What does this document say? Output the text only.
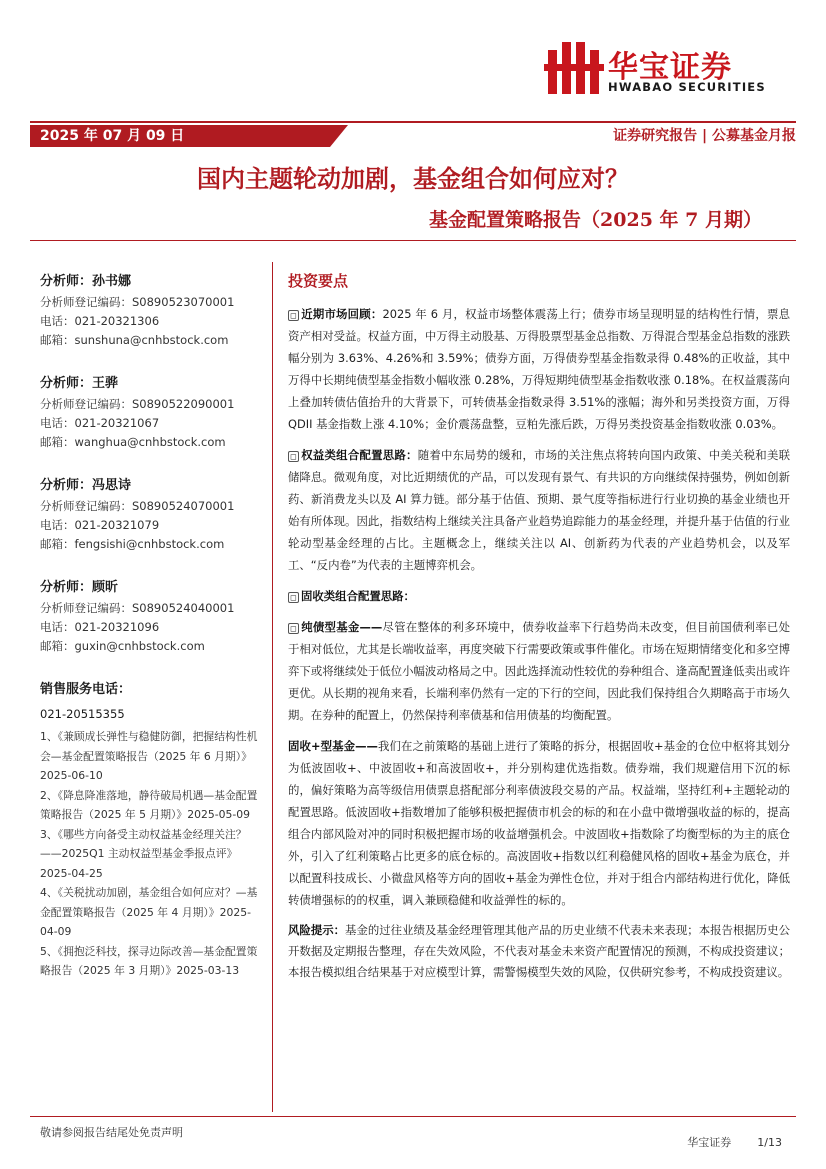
华宝证券
HWABAO SECURITIES
2025 年 07 月 09 日	证券研究报告 | 公募基金月报
国内主题轮动加剧，基金组合如何应对？
基金配置策略报告（2025 年 7 月期）
分析师：孙书娜
分析师登记编码：S0890523070001
电话：021-20321306
邮箱：sunshuna@cnhbstock.com
分析师：王骅
分析师登记编码：S0890522090001
电话：021-20321067
邮箱：wanghua@cnhbstock.com
分析师：冯思诗
分析师登记编码：S0890524070001
电话：021-20321079
邮箱：fengsishi@cnhbstock.com
分析师：顾昕
分析师登记编码：S0890524040001
电话：021-20321096
邮箱：guxin@cnhbstock.com
销售服务电话：
021-20515355
1、《兼顾成长弹性与稳健防御，把握结构性机会—基金配置策略报告（2025 年 6 月期）》2025-06-10
2、《降息降准落地，静待破局机遇—基金配置策略报告（2025 年 5 月期）》2025-05-09
3、《哪些方向备受主动权益基金经理关注？——2025Q1 主动权益型基金季报点评》2025-04-25
4、《关税扰动加剧，基金组合如何应对？—基金配置策略报告（2025 年 4 月期）》2025-04-09
5、《拥抱泛科技，探寻边际改善—基金配置策略报告（2025 年 3 月期）》2025-03-13
投资要点

◻ 近期市场回顾：2025 年 6 月，权益市场整体震荡上行；债券市场呈现明显的结构性行情，票息资产相对受益。权益方面，中万得主动股基、万得股票型基金总指数、万得混合型基金总指数的涨跌幅分别为 3.63%、4.26%和 3.59%；债券方面，万得债券型基金指数录得 0.48%的正收益，其中万得中长期纯债型基金指数小幅收涨 0.28%，万得短期纯债型基金指数收涨 0.18%。在权益震荡向上叠加转债估值抬升的大背景下，可转债基金指数录得 3.51%的涨幅；海外和另类投资方面，万得 QDII 基金指数上涨 4.10%；金价震荡盘整，豆粕先涨后跌，万得另类投资基金指数收涨 0.03%。

◻ 权益类组合配置思路：随着中东局势的缓和，市场的关注焦点将转向国内政策、中美关税和美联储降息。微观角度，对比近期绩优的产品，可以发现有景气、有共识的方向继续保持强势，例如创新药、新消费龙头以及 AI 算力链。部分基于估值、预期、景气度等指标进行行业切换的基金业绩也开始有所体现。因此，指数结构上继续关注具备产业趋势追踪能力的基金经理，并提升基于估值的行业轮动型基金经理的占比。主题概念上，继续关注以 AI、创新药为代表的产业趋势机会，以及军工、“反内卷”为代表的主题博弈机会。

◻ 固收类组合配置思路：

◻ 纯债型基金——尽管在整体的利多环境中，债券收益率下行趋势尚未改变，但目前国债利率已处于相对低位，尤其是长端收益率，再度突破下行需要政策或事件催化。市场在短期情绪变化和多空博弈下或将继续处于低位小幅波动格局之中。因此选择流动性较优的券种组合、逢高配置逢低卖出或许更优。从长期的视角来看，长端利率仍然有一定的下行的空间，因此我们保持组合久期略高于市场久期。在券种的配置上，仍然保持利率债基和信用债基的均衡配置。

固收+型基金——我们在之前策略的基础上进行了策略的拆分，根据固收+基金的仓位中枢将其划分为低波固收+、中波固收+和高波固收+，并分别构建优选指数。债券端，我们规避信用下沉的标的，偏好策略为高等级信用债票息搭配部分利率债波段交易的产品。权益端，坚持红利+主题轮动的配置思路。低波固收+指数增加了能够积极把握债市机会的标的和在小盘中微增强收益的标的，提高组合内部风险对冲的同时积极把握市场的收益增强机会。中波固收+指数除了均衡型标的为主的底仓外，引入了红利策略占比更多的底仓标的。高波固收+指数以红利稳健风格的固收+基金为底仓，并以配置科技成长、小微盘风格等方向的固收+基金为弹性仓位，并对于组合内部结构进行优化，降低转债增强标的的权重，调入兼顾稳健和收益弹性的标的。

风险提示：基金的过往业绩及基金经理管理其他产品的历史业绩不代表未来表现；本报告根据历史公开数据及定期报告整理，存在失效风险，不代表对基金未来资产配置情况的预测，不构成投资建议；本报告模拟组合结果基于对应模型计算，需警惕模型失效的风险，仅供研究参考，不构成投资建议。

敬请参阅报告结尾处免责声明
华宝证券 1/13
